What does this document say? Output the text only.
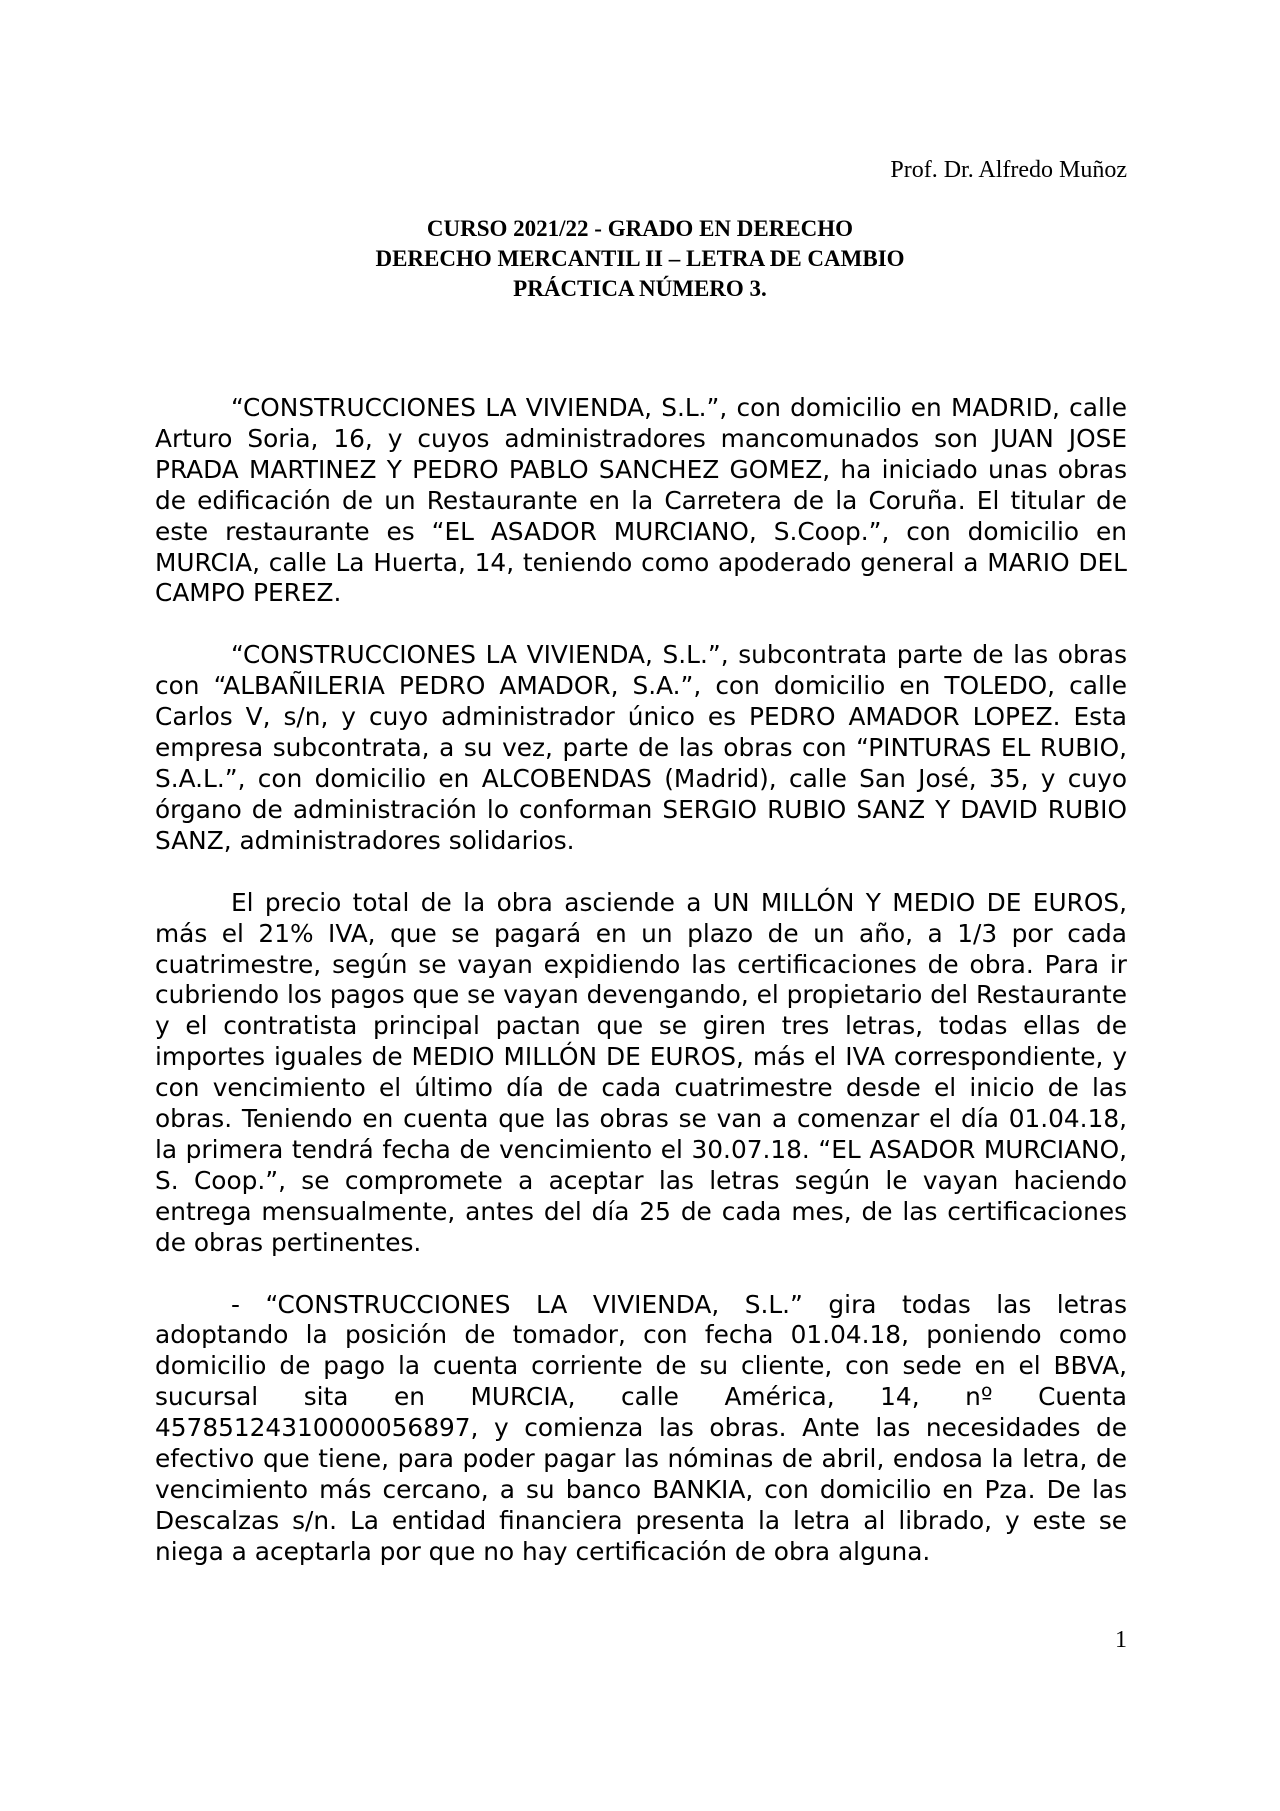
Prof. Dr. Alfredo Muñoz
CURSO 2021/22 - GRADO EN DERECHO
DERECHO MERCANTIL II – LETRA DE CAMBIO
PRÁCTICA NÚMERO 3.

“CONSTRUCCIONES LA VIVIENDA, S.L.”, con domicilio en MADRID, calle Arturo Soria, 16, y cuyos administradores mancomunados son JUAN JOSE PRADA MARTINEZ Y PEDRO PABLO SANCHEZ GOMEZ, ha iniciado unas obras de edificación de un Restaurante en la Carretera de la Coruña. El titular de este restaurante es “EL ASADOR MURCIANO, S.Coop.”, con domicilio en MURCIA, calle La Huerta, 14, teniendo como apoderado general a MARIO DEL CAMPO PEREZ.

“CONSTRUCCIONES LA VIVIENDA, S.L.”, subcontrata parte de las obras con “ALBAÑILERIA PEDRO AMADOR, S.A.”, con domicilio en TOLEDO, calle Carlos V, s/n, y cuyo administrador único es PEDRO AMADOR LOPEZ. Esta empresa subcontrata, a su vez, parte de las obras con “PINTURAS EL RUBIO, S.A.L.”, con domicilio en ALCOBENDAS (Madrid), calle San José, 35, y cuyo órgano de administración lo conforman SERGIO RUBIO SANZ Y DAVID RUBIO SANZ, administradores solidarios.

El precio total de la obra asciende a UN MILLÓN Y MEDIO DE EUROS, más el 21% IVA, que se pagará en un plazo de un año, a 1/3 por cada cuatrimestre, según se vayan expidiendo las certificaciones de obra. Para ir cubriendo los pagos que se vayan devengando, el propietario del Restaurante y el contratista principal pactan que se giren tres letras, todas ellas de importes iguales de MEDIO MILLÓN DE EUROS, más el IVA correspondiente, y con vencimiento el último día de cada cuatrimestre desde el inicio de las obras. Teniendo en cuenta que las obras se van a comenzar el día 01.04.18, la primera tendrá fecha de vencimiento el 30.07.18. “EL ASADOR MURCIANO, S. Coop.”, se compromete a aceptar las letras según le vayan haciendo entrega mensualmente, antes del día 25 de cada mes, de las certificaciones de obras pertinentes.

- “CONSTRUCCIONES LA VIVIENDA, S.L.” gira todas las letras adoptando la posición de tomador, con fecha 01.04.18, poniendo como domicilio de pago la cuenta corriente de su cliente, con sede en el BBVA, sucursal sita en MURCIA, calle América, 14, nº Cuenta 45785124310000056897, y comienza las obras. Ante las necesidades de efectivo que tiene, para poder pagar las nóminas de abril, endosa la letra, de vencimiento más cercano, a su banco BANKIA, con domicilio en Pza. De las Descalzas s/n. La entidad financiera presenta la letra al librado, y este se niega a aceptarla por que no hay certificación de obra alguna.

1
